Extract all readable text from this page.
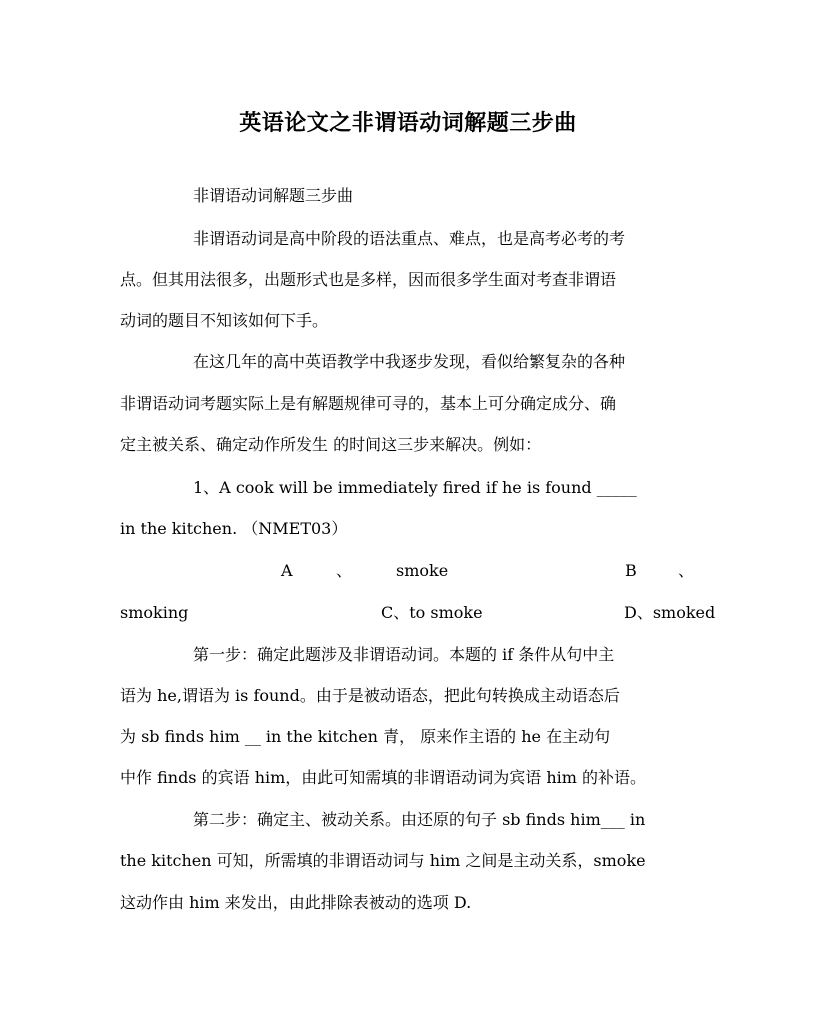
英语论文之非谓语动词解题三步曲
非谓语动词解题三步曲
非谓语动词是高中阶段的语法重点、难点，也是高考必考的考
点。但其用法很多，出题形式也是多样，因而很多学生面对考查非谓语
动词的题目不知该如何下手。
在这几年的高中英语教学中我逐步发现，看似给繁复杂的各种
非谓语动词考题实际上是有解题规律可寻的，基本上可分确定成分、确
定主被关系、确定动作所发生 的时间这三步来解决。例如：
1、A cook will be immediately fired if he is found _____
in the kitchen. （NMET03）
A	、	smoke	B	、
smoking	C、to smoke	D、smoked
第一步：确定此题涉及非谓语动词。本题的 if 条件从句中主
语为 he,谓语为 is found。由于是被动语态，把此句转换成主动语态后
为 sb finds him __ in the kitchen 青， 原来作主语的 he 在主动句
中作 finds 的宾语 him，由此可知需填的非谓语动词为宾语 him 的补语。
第二步：确定主、被动关系。由还原的句子 sb finds him___ in
the kitchen 可知，所需填的非谓语动词与 him 之间是主动关系，smoke
这动作由 him 来发出，由此排除表被动的选项 D.
